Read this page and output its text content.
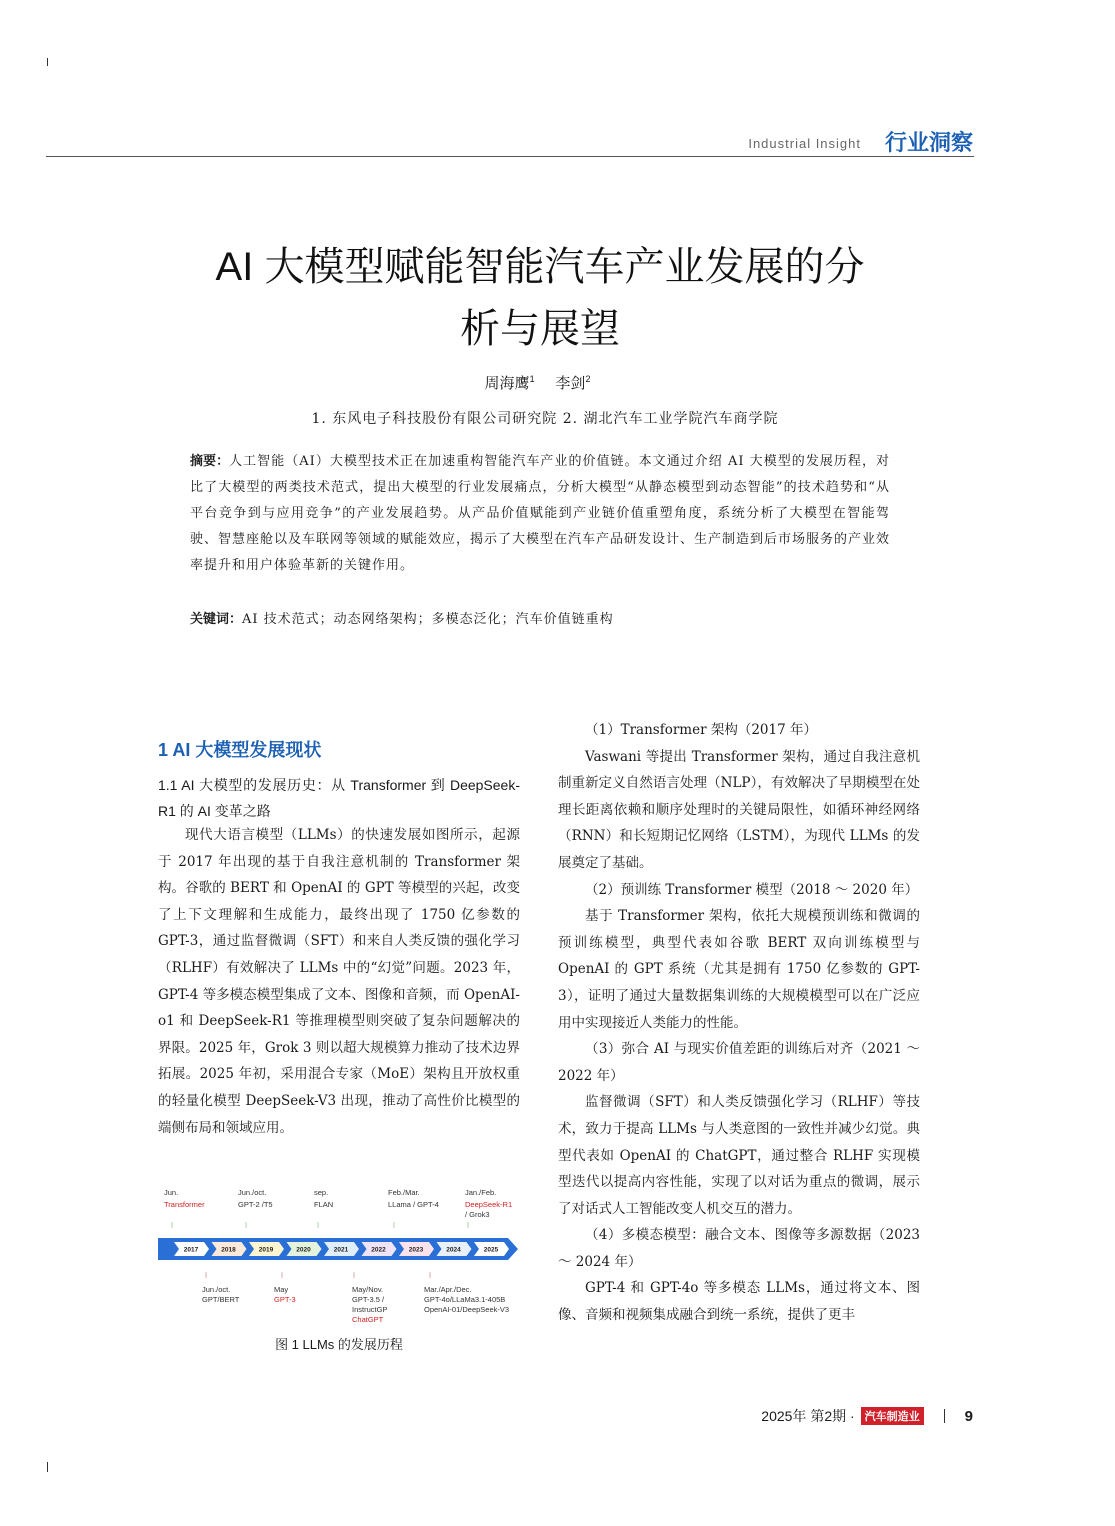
Industrial Insight 行业洞察
AI 大模型赋能智能汽车产业发展的分
析与展望
周海鹰$^1$ 李剑$^2$
1. 东风电子科技股份有限公司研究院 2. 湖北汽车工业学院汽车商学院
摘要：人工智能（AI）大模型技术正在加速重构智能汽车产业的价值链。本文通过介绍 AI 大模型的发展历程，对比了大模型的两类技术范式，提出大模型的行业发展痛点，分析大模型“从静态模型到动态智能”的技术趋势和“从平台竞争到与应用竞争”的产业发展趋势。从产品价值赋能到产业链价值重塑角度，系统分析了大模型在智能驾驶、智慧座舱以及车联网等领域的赋能效应，揭示了大模型在汽车产品研发设计、生产制造到后市场服务的产业效率提升和用户体验革新的关键作用。
关键词：AI 技术范式；动态网络架构；多模态泛化；汽车价值链重构
1 AI 大模型发展现状
1.1 AI 大模型的发展历史：从 Transformer 到 DeepSeek-R1 的 AI 变革之路

现代大语言模型（LLMs）的快速发展如图所示，起源于 2017 年出现的基于自我注意机制的 Transformer 架构。谷歌的 BERT 和 OpenAI 的 GPT 等模型的兴起，改变了上下文理解和生成能力，最终出现了 1750 亿参数的 GPT-3，通过监督微调（SFT）和来自人类反馈的强化学习（RLHF）有效解决了 LLMs 中的“幻觉”问题。2023 年，GPT-4 等多模态模型集成了文本、图像和音频，而 OpenAI-o1 和 DeepSeek-R1 等推理模型则突破了复杂问题解决的界限。2025 年，Grok 3 则以超大规模算力推动了技术边界拓展。2025 年初，采用混合专家（MoE）架构且开放权重的轻量化模型 DeepSeek-V3 出现，推动了高性价比模型的端侧布局和领域应用。

Jun.
Transformer
Jun./oct.
GPT-2 /T5
sep.
FLAN
Feb./Mar.
LLama / GPT-4
Jan./Feb.
DeepSeek-R1
/ Grok3
2017	2018	2019	2020	2021	2022	2023	2024	2025
Jun./oct.
GPT/BERT
May
GPT-3
May/Nov.
GPT-3.5 /
InstructGP
ChatGPT
Mar./Apr./Dec.
GPT-4o/LLaMa3.1-405B
OpenAI-01/DeepSeek-V3
图 1 LLMs 的发展历程

（1）Transformer 架构（2017 年）

Vaswani 等提出 Transformer 架构，通过自我注意机制重新定义自然语言处理（NLP），有效解决了早期模型在处理长距离依赖和顺序处理时的关键局限性，如循环神经网络（RNN）和长短期记忆网络（LSTM），为现代 LLMs 的发展奠定了基础。

（2）预训练 Transformer 模型（2018 ～ 2020 年）

基于 Transformer 架构，依托大规模预训练和微调的预训练模型，典型代表如谷歌 BERT 双向训练模型与 OpenAI 的 GPT 系统（尤其是拥有 1750 亿参数的 GPT-3），证明了通过大量数据集训练的大规模模型可以在广泛应用中实现接近人类能力的性能。

（3）弥合 AI 与现实价值差距的训练后对齐（2021 ～ 2022 年）

监督微调（SFT）和人类反馈强化学习（RLHF）等技术，致力于提高 LLMs 与人类意图的一致性并减少幻觉。典型代表如 OpenAI 的 ChatGPT，通过整合 RLHF 实现模型迭代以提高内容性能，实现了以对话为重点的微调，展示了对话式人工智能改变人机交互的潜力。

（4）多模态模型：融合文本、图像等多源数据（2023 ～ 2024 年）

GPT-4 和 GPT-4o 等多模态 LLMs，通过将文本、图像、音频和视频集成融合到统一系统，提供了更丰

2025年 第2期 · 汽车制造业	9
